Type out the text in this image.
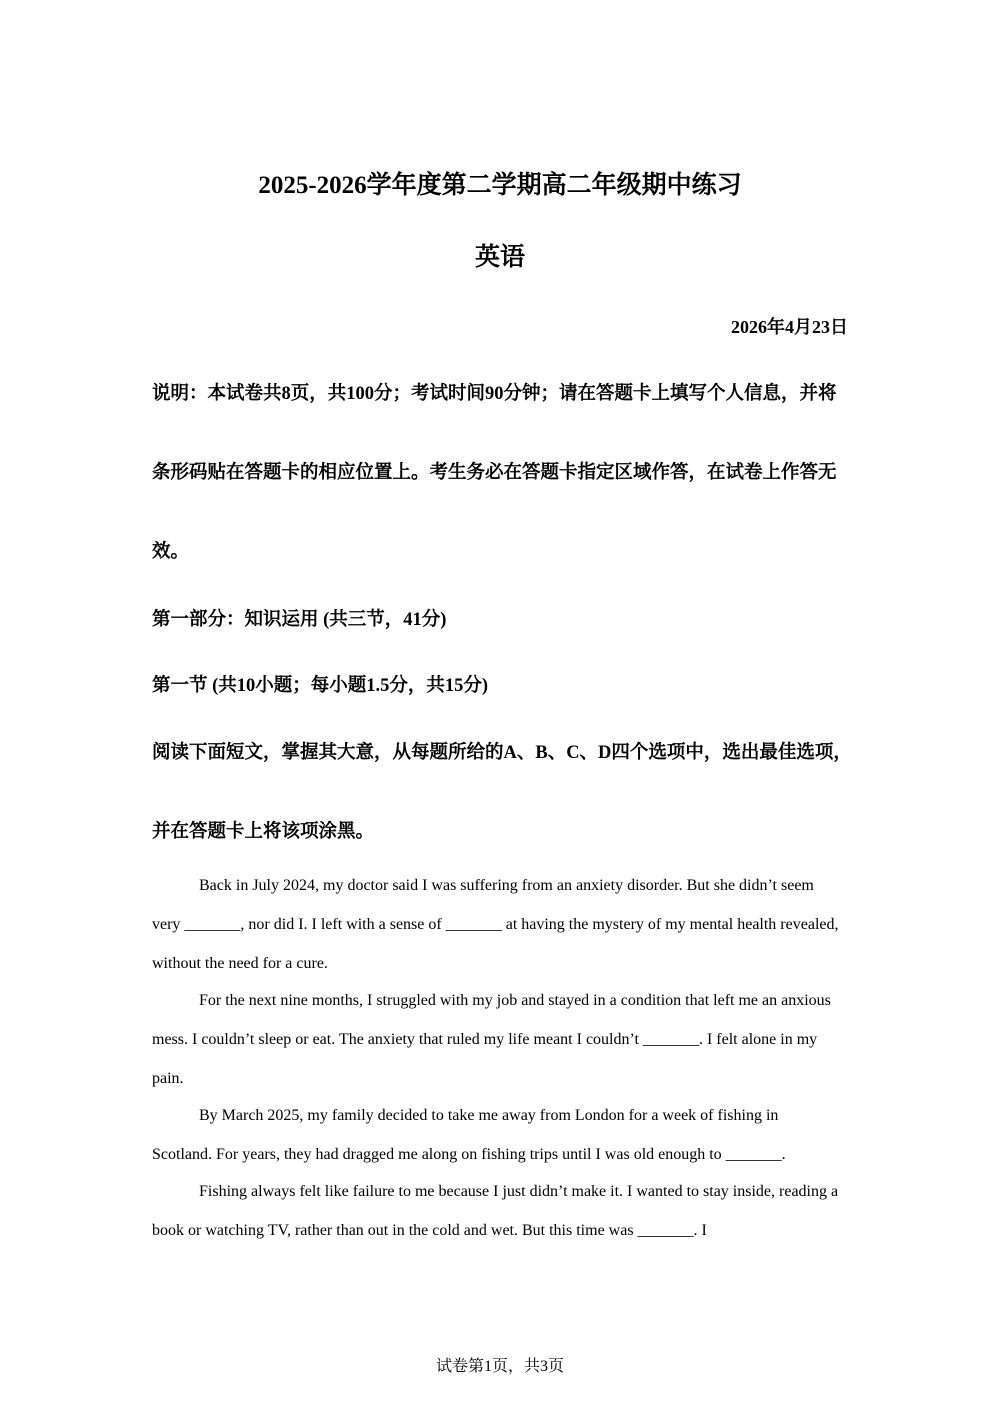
2025-2026学年度第二学期高二年级期中练习
英语
2026年4月23日

说明：本试卷共8页，共100分；考试时间90分钟；请在答题卡上填写个人信息，并将条形码贴在答题卡的相应位置上。考生务必在答题卡指定区域作答，在试卷上作答无效。

第一部分：知识运用 (共三节，41分)

第一节 (共10小题；每小题1.5分，共15分)

阅读下面短文，掌握其大意，从每题所给的A、B、C、D四个选项中，选出最佳选项，并在答题卡上将该项涂黑。

Back in July 2024, my doctor said I was suffering from an anxiety disorder. But she didn’t seem very _______, nor did I. I left with a sense of _______ at having the mystery of my mental health revealed, without the need for a cure.

For the next nine months, I struggled with my job and stayed in a condition that left me an anxious mess. I couldn’t sleep or eat. The anxiety that ruled my life meant I couldn’t _______. I felt alone in my pain.

By March 2025, my family decided to take me away from London for a week of fishing in Scotland. For years, they had dragged me along on fishing trips until I was old enough to _______.

Fishing always felt like failure to me because I just didn’t make it. I wanted to stay inside, reading a book or watching TV, rather than out in the cold and wet. But this time was _______. I

试卷第1页，共3页
